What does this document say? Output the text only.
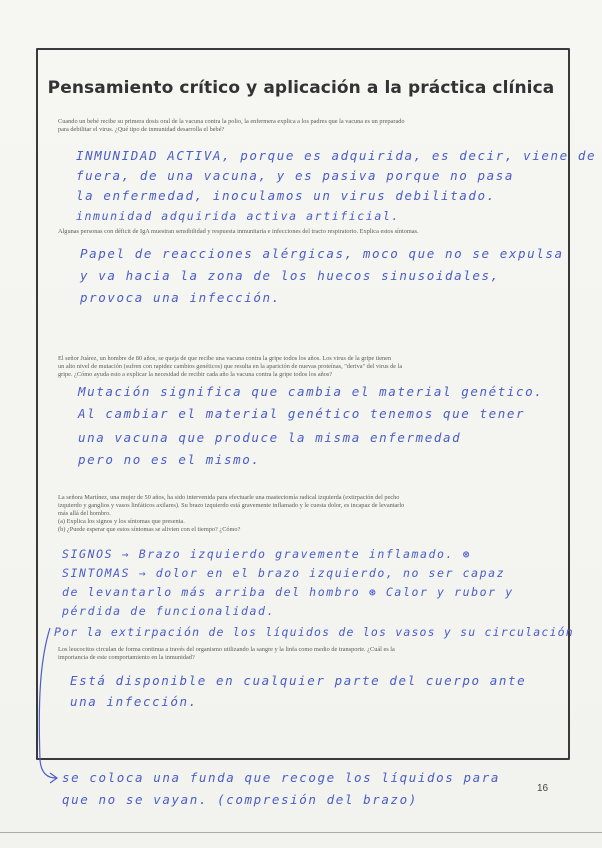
Pensamiento crítico y aplicación a la práctica clínica
Cuando un bebé recibe su primera dosis oral de la vacuna contra la polio, la enfermera explica a los padres que la vacuna es un preparado
para debilitar el virus. ¿Qué tipo de inmunidad desarrolla el bebé?
INMUNIDAD ACTIVA, porque es adquirida, es decir, viene de
fuera, de una vacuna, y es pasiva porque no pasa
la enfermedad, inoculamos un virus debilitado.
inmunidad adquirida activa artificial.
Algunas personas con déficit de IgA muestran sensibilidad y respuesta inmunitaria e infecciones del tracto respiratorio. Explica estos síntomas.
Papel de reacciones alérgicas, moco que no se expulsa
y va hacia la zona de los huecos sinusoidales,
provoca una infección.
El señor Juárez, un hombre de 80 años, se queja de que recibe una vacuna contra la gripe todos los años. Los virus de la gripe tienen
un alto nivel de mutación (sufren con rapidez cambios genéticos) que resulta en la aparición de nuevas proteínas, "deriva" del virus de la
gripe. ¿Cómo ayuda esto a explicar la necesidad de recibir cada año la vacuna contra la gripe todos los años?
Mutación significa que cambia el material genético.
Al cambiar el material genético tenemos que tener
una vacuna que produce la misma enfermedad
pero no es el mismo.
La señora Martínez, una mujer de 50 años, ha sido intervenida para efectuarle una mastectomía radical izquierda (extirpación del pecho
izquierdo y ganglios y vasos linfáticos axilares). Su brazo izquierdo está gravemente inflamado y le cuesta dolor, es incapaz de levantarlo
más allá del hombro.
(a) Explica los signos y los síntomas que presenta.
(b) ¿Puede esperar que estos síntomas se alivien con el tiempo? ¿Cómo?
SIGNOS → Brazo izquierdo gravemente inflamado. ⊛
SINTOMAS → dolor en el brazo izquierdo, no ser capaz
de levantarlo más arriba del hombro ⊛ Calor y rubor y
pérdida de funcionalidad.
Por la extirpación de los líquidos de los vasos y su circulación
Los leucocitos circulan de forma continua a través del organismo utilizando la sangre y la linfa como medio de transporte. ¿Cuál es la
importancia de este comportamiento en la inmunidad?
Está disponible en cualquier parte del cuerpo ante
una infección.
se coloca una funda que recoge los líquidos para
que no se vayan. (compresión del brazo)
16
